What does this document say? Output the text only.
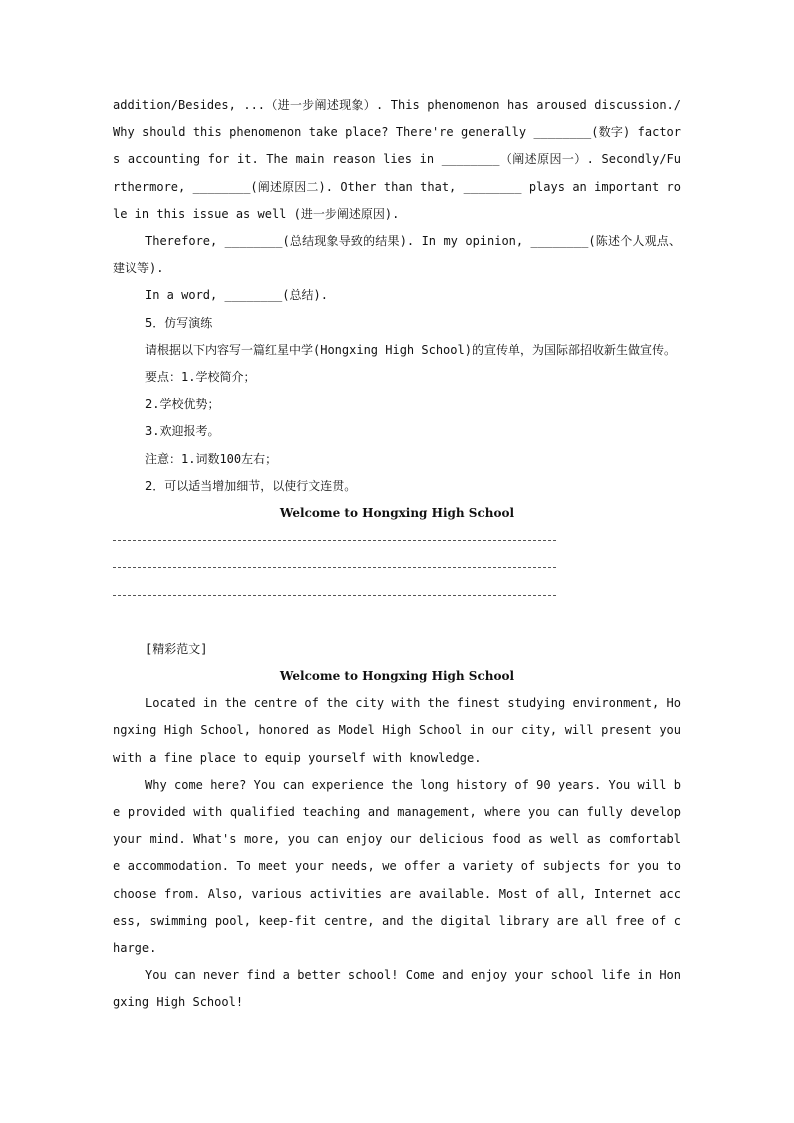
addition/Besides, ...（进一步阐述现象）. This phenomenon has aroused discussion./Why should this phenomenon take place? There're generally ________(数字) factors accounting for it. The main reason lies in ________（阐述原因一）. Secondly/Furthermore, ________(阐述原因二). Other than that, ________ plays an important role in this issue as well (进一步阐述原因).

Therefore, ________(总结现象导致的结果). In my opinion, ________(陈述个人观点、建议等).

In a word, ________(总结).

5．仿写演练

请根据以下内容写一篇红星中学(Hongxing High School)的宣传单，为国际部招收新生做宣传。

要点：1.学校简介；

2.学校优势；

3.欢迎报考。

注意：1.词数100左右；

2．可以适当增加细节，以使行文连贯。

Welcome to Hongxing High School

[精彩范文]

Welcome to Hongxing High School

Located in the centre of the city with the finest studying environment, Hongxing High School, honored as Model High School in our city, will present you with a fine place to equip yourself with knowledge.

Why come here? You can experience the long history of 90 years. You will be provided with qualified teaching and management, where you can fully develop your mind. What's more, you can enjoy our delicious food as well as comfortable accommodation. To meet your needs, we offer a variety of subjects for you to choose from. Also, various activities are available. Most of all, Internet access, swimming pool, keep-fit centre, and the digital library are all free of charge.

You can never find a better school! Come and enjoy your school life in Hongxing High School!
